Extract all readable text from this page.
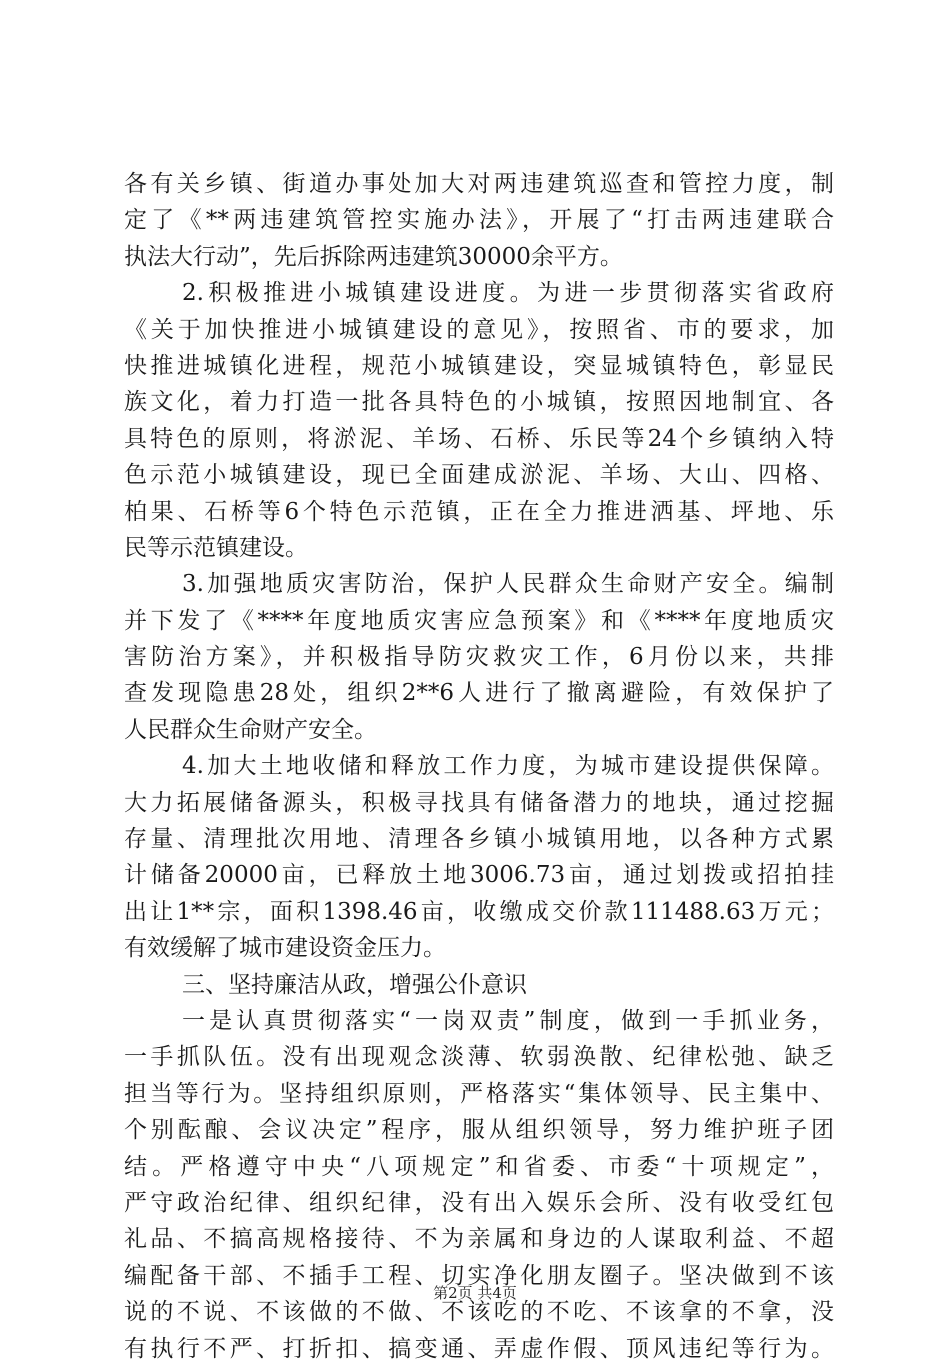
各有关乡镇、街道办事处加大对两违建筑巡查和管控力度，制
定了《**两违建筑管控实施办法》，开展了“打击两违建联合
执法大行动”，先后拆除两违建筑30000余平方。
2.积极推进小城镇建设进度。为进一步贯彻落实省政府
《关于加快推进小城镇建设的意见》，按照省、市的要求，加
快推进城镇化进程，规范小城镇建设，突显城镇特色，彰显民
族文化，着力打造一批各具特色的小城镇，按照因地制宜、各
具特色的原则，将淤泥、羊场、石桥、乐民等24个乡镇纳入特
色示范小城镇建设，现已全面建成淤泥、羊场、大山、四格、
柏果、石桥等6个特色示范镇，正在全力推进洒基、坪地、乐
民等示范镇建设。
3.加强地质灾害防治，保护人民群众生命财产安全。编制
并下发了《****年度地质灾害应急预案》和《****年度地质灾
害防治方案》，并积极指导防灾救灾工作，6月份以来，共排
查发现隐患28处，组织2**6人进行了撤离避险，有效保护了
人民群众生命财产安全。
4.加大土地收储和释放工作力度，为城市建设提供保障。
大力拓展储备源头，积极寻找具有储备潜力的地块，通过挖掘
存量、清理批次用地、清理各乡镇小城镇用地，以各种方式累
计储备20000亩，已释放土地3006.73亩，通过划拨或招拍挂
出让1**宗，面积1398.46亩，收缴成交价款111488.63万元；
有效缓解了城市建设资金压力。
三、坚持廉洁从政，增强公仆意识
一是认真贯彻落实“一岗双责”制度，做到一手抓业务，
一手抓队伍。没有出现观念淡薄、软弱涣散、纪律松弛、缺乏
担当等行为。坚持组织原则，严格落实“集体领导、民主集中、
个别酝酿、会议决定”程序，服从组织领导，努力维护班子团
结。严格遵守中央“八项规定”和省委、市委“十项规定”，
严守政治纪律、组织纪律，没有出入娱乐会所、没有收受红包
礼品、不搞高规格接待、不为亲属和身边的人谋取利益、不超
编配备干部、不插手工程、切实净化朋友圈子。坚决做到不该
说的不说、不该做的不做、不该吃的不吃、不该拿的不拿，没
有执行不严、打折扣、搞变通、弄虚作假、顶风违纪等行为。
第2页 共4页
